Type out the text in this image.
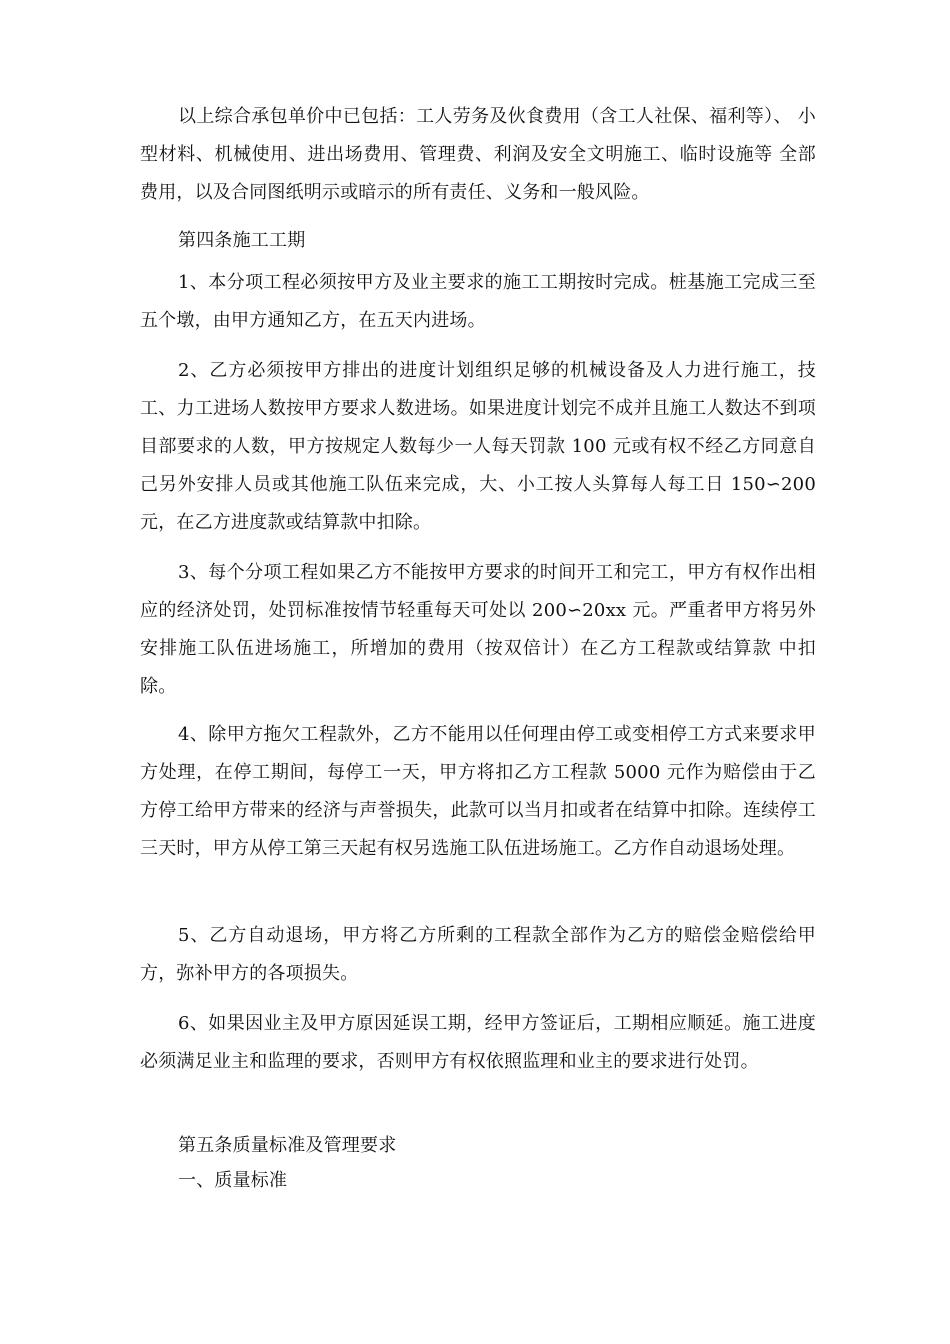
以上综合承包单价中已包括：工人劳务及伙食费用（含工人社保、福利等）、 小型材料、机械使用、进出场费用、管理费、利润及安全文明施工、临时设施等 全部费用，以及合同图纸明示或暗示的所有责任、义务和一般风险。

第四条施工工期

1、本分项工程必须按甲方及业主要求的施工工期按时完成。桩基施工完成三至五个墩，由甲方通知乙方，在五天内进场。

2、乙方必须按甲方排出的进度计划组织足够的机械设备及人力进行施工，技工、力工进场人数按甲方要求人数进场。如果进度计划完不成并且施工人数达不到项目部要求的人数，甲方按规定人数每少一人每天罚款 100 元或有权不经乙方同意自己另外安排人员或其他施工队伍来完成，大、小工按人头算每人每工日 150∽200 元，在乙方进度款或结算款中扣除。

3、每个分项工程如果乙方不能按甲方要求的时间开工和完工，甲方有权作出相应的经济处罚，处罚标准按情节轻重每天可处以 200∽20xx 元。严重者甲方将另外安排施工队伍进场施工，所增加的费用（按双倍计）在乙方工程款或结算款 中扣除。

4、除甲方拖欠工程款外，乙方不能用以任何理由停工或变相停工方式来要求甲方处理，在停工期间，每停工一天，甲方将扣乙方工程款 5000 元作为赔偿由于乙方停工给甲方带来的经济与声誉损失，此款可以当月扣或者在结算中扣除。连续停工三天时，甲方从停工第三天起有权另选施工队伍进场施工。乙方作自动退场处理。

5、乙方自动退场，甲方将乙方所剩的工程款全部作为乙方的赔偿金赔偿给甲方，弥补甲方的各项损失。

6、如果因业主及甲方原因延误工期，经甲方签证后，工期相应顺延。施工进度必须满足业主和监理的要求，否则甲方有权依照监理和业主的要求进行处罚。

第五条质量标准及管理要求

一、质量标准
